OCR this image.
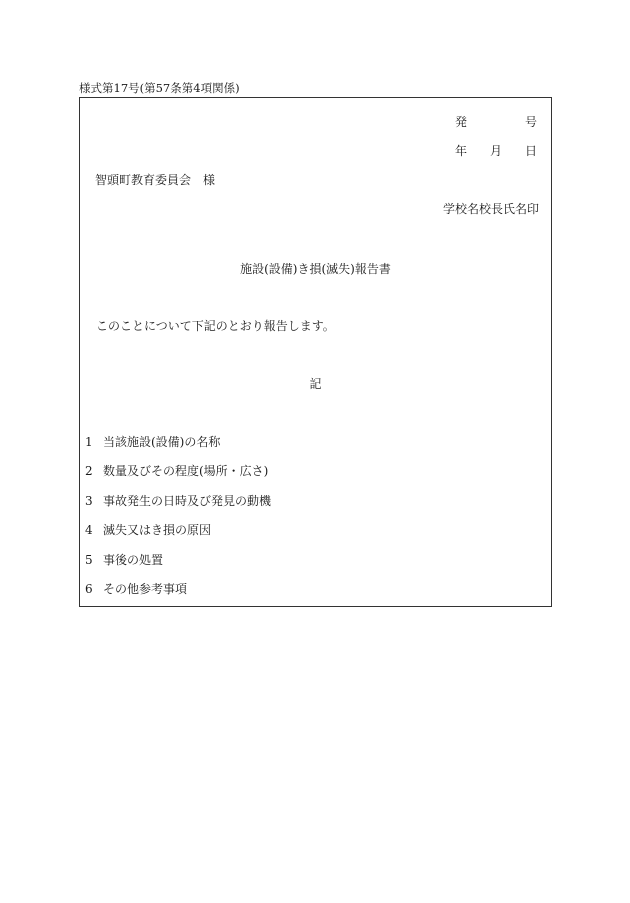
様式第17号(第57条第4項関係)
発	号
年 月 日
智頭町教育委員会　様
学校名校長氏名印
施設(設備)き損(滅失)報告書
このことについて下記のとおり報告します。
記
1 当該施設(設備)の名称
2 数量及びその程度(場所・広さ)
3 事故発生の日時及び発見の動機
4 滅失又はき損の原因
5 事後の処置
6 その他参考事項
